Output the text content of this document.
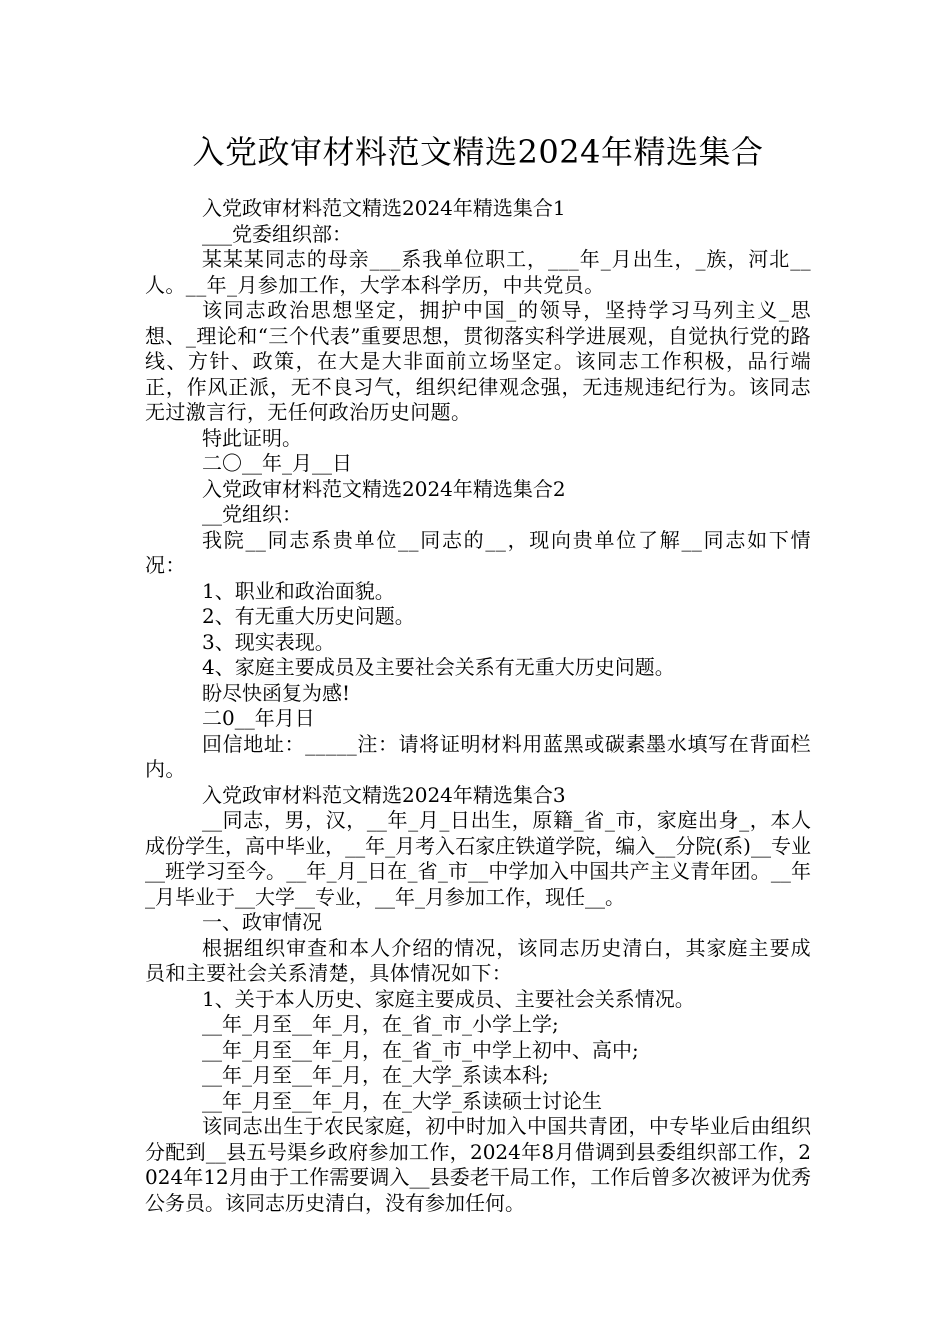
入党政审材料范文精选2024年精选集合

入党政审材料范文精选2024年精选集合1

___党委组织部：

某某某同志的母亲___系我单位职工，___年_月出生，_族，河北__人。__年_月参加工作，大学本科学历，中共党员。

该同志政治思想坚定，拥护中国_的领导，坚持学习马列主义_思想、_理论和“三个代表”重要思想，贯彻落实科学进展观，自觉执行党的路线、方针、政策，在大是大非面前立场坚定。该同志工作积极，品行端正，作风正派，无不良习气，组织纪律观念强，无违规违纪行为。该同志无过激言行，无任何政治历史问题。

特此证明。

二〇__年_月__日

入党政审材料范文精选2024年精选集合2

__党组织：

我院__同志系贵单位__同志的__，现向贵单位了解__同志如下情况：

1、职业和政治面貌。

2、有无重大历史问题。

3、现实表现。

4、家庭主要成员及主要社会关系有无重大历史问题。

盼尽快函复为感!

二0__年月日

回信地址：_____注：请将证明材料用蓝黑或碳素墨水填写在背面栏内。

入党政审材料范文精选2024年精选集合3

__同志，男，汉，__年_月_日出生，原籍_省_市，家庭出身_，本人成份学生，高中毕业，__年_月考入石家庄铁道学院，编入__分院(系)__专业__班学习至今。__年_月_日在_省_市__中学加入中国共产主义青年团。__年_月毕业于__大学__专业，__年_月参加工作，现任__。

一、政审情况

根据组织审查和本人介绍的情况，该同志历史清白，其家庭主要成员和主要社会关系清楚，具体情况如下：

1、关于本人历史、家庭主要成员、主要社会关系情况。

__年_月至__年_月，在_省_市_小学上学;

__年_月至__年_月，在_省_市_中学上初中、高中;

__年_月至__年_月，在_大学_系读本科;

__年_月至__年_月，在_大学_系读硕士讨论生

该同志出生于农民家庭，初中时加入中国共青团，中专毕业后由组织分配到__县五号渠乡政府参加工作，2024年8月借调到县委组织部工作，2024年12月由于工作需要调入__县委老干局工作，工作后曾多次被评为优秀公务员。该同志历史清白，没有参加任何。
